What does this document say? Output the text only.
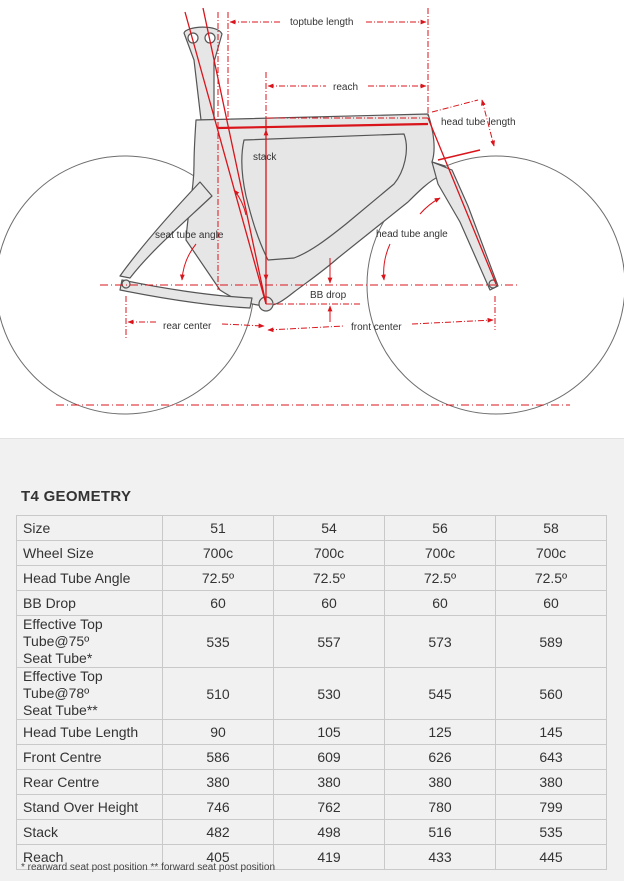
toptube length
reach
head tube length
stack
seat tube angle	head tube angle
BB drop
rear center	front center
T4 GEOMETRY
Size	51	54	56	58
Wheel Size	700c	700c	700c	700c
Head Tube Angle	72.5º	72.5º	72.5º	72.5º
BB Drop	60	60	60	60
Effective Top Tube@75º
Seat Tube*	535	557	573	589
Effective Top Tube@78º
Seat Tube**	510	530	545	560
Head Tube Length	90	105	125	145
Front Centre	586	609	626	643
Rear Centre	380	380	380	380
Stand Over Height	746	762	780	799
Stack	482	498	516	535
Reach	405	419	433	445
* rearward seat post position ** forward seat post position
